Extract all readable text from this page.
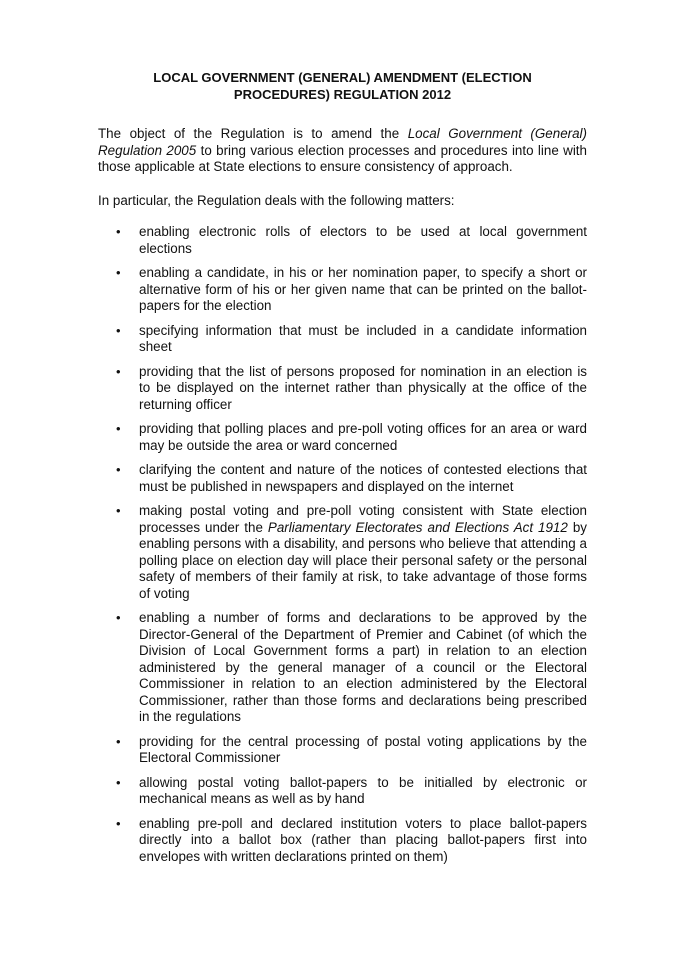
LOCAL GOVERNMENT (GENERAL) AMENDMENT (ELECTION
PROCEDURES) REGULATION 2012

The object of the Regulation is to amend the Local Government (General) Regulation 2005 to bring various election processes and procedures into line with those applicable at State elections to ensure consistency of approach.

In particular, the Regulation deals with the following matters:

• enabling electronic rolls of electors to be used at local government elections
• enabling a candidate, in his or her nomination paper, to specify a short or alternative form of his or her given name that can be printed on the ballot-papers for the election
• specifying information that must be included in a candidate information sheet
• providing that the list of persons proposed for nomination in an election is to be displayed on the internet rather than physically at the office of the returning officer
• providing that polling places and pre-poll voting offices for an area or ward may be outside the area or ward concerned
• clarifying the content and nature of the notices of contested elections that must be published in newspapers and displayed on the internet
• making postal voting and pre-poll voting consistent with State election processes under the Parliamentary Electorates and Elections Act 1912 by enabling persons with a disability, and persons who believe that attending a polling place on election day will place their personal safety or the personal safety of members of their family at risk, to take advantage of those forms of voting
• enabling a number of forms and declarations to be approved by the Director-General of the Department of Premier and Cabinet (of which the Division of Local Government forms a part) in relation to an election administered by the general manager of a council or the Electoral Commissioner in relation to an election administered by the Electoral Commissioner, rather than those forms and declarations being prescribed in the regulations
• providing for the central processing of postal voting applications by the Electoral Commissioner
• allowing postal voting ballot-papers to be initialled by electronic or mechanical means as well as by hand
• enabling pre-poll and declared institution voters to place ballot-papers directly into a ballot box (rather than placing ballot-papers first into envelopes with written declarations printed on them)
